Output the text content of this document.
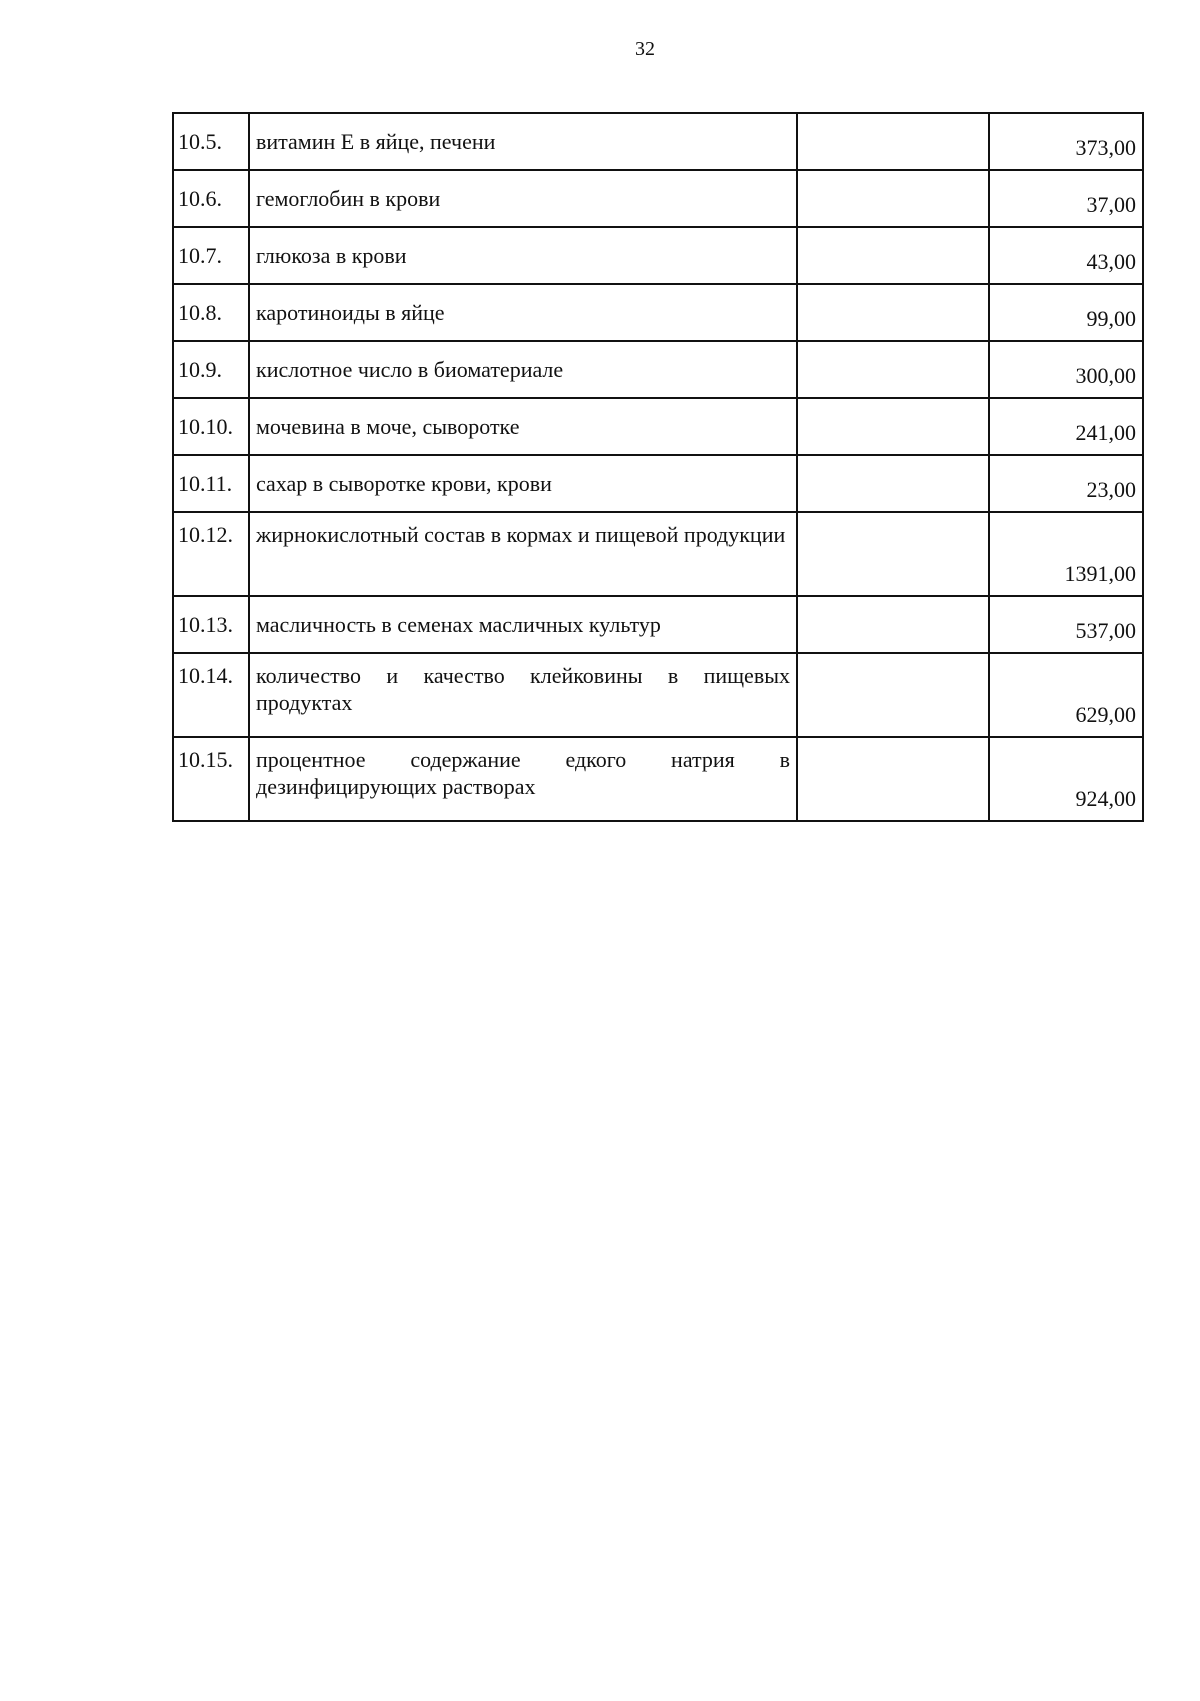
32
10.5.	витамин Е в яйце, печени		373,00
10.6.	гемоглобин в крови		37,00
10.7.	глюкоза в крови		43,00
10.8.	каротиноиды в яйце		99,00
10.9.	кислотное число в биоматериале		300,00
10.10.	мочевина в моче, сыворотке		241,00
10.11.	сахар в сыворотке крови, крови		23,00
10.12.	жирнокислотный состав в кормах и пищевой продукции		1391,00
10.13.	масличность в семенах масличных культур		537,00
10.14.	количество и качество клейковины в пищевых продуктах		629,00
10.15.	процентное содержание едкого натрия в дезинфицирующих растворах		924,00
